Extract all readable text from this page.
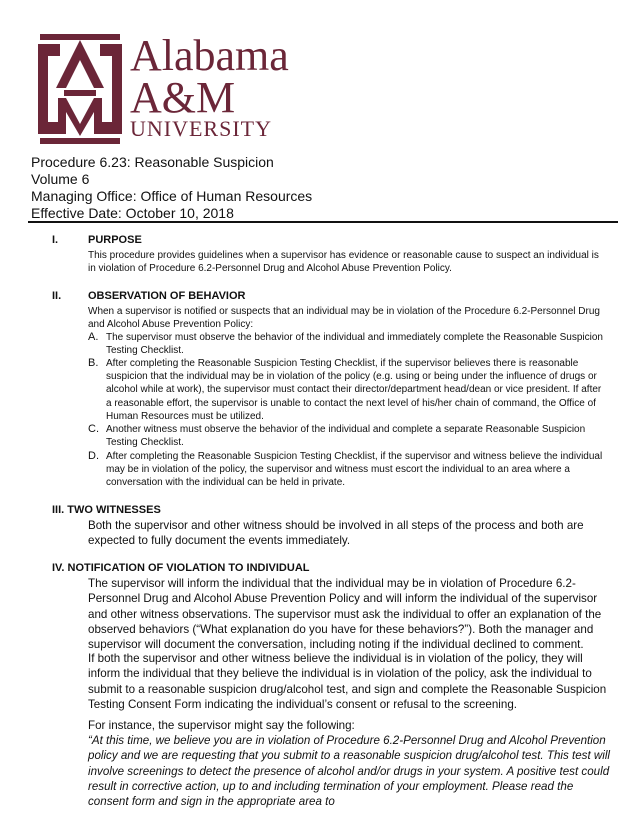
Alabama
A&M
UNIVERSITY
Procedure 6.23: Reasonable Suspicion
Volume 6
Managing Office: Office of Human Resources
Effective Date: October 10, 2018
I.	PURPOSE
This procedure provides guidelines when a supervisor has evidence or reasonable cause to suspect an individual is in violation of Procedure 6.2-Personnel Drug and Alcohol Abuse Prevention Policy.
II. OBSERVATION OF BEHAVIOR
When a supervisor is notified or suspects that an individual may be in violation of the Procedure 6.2-Personnel Drug and Alcohol Abuse Prevention Policy:
A. The supervisor must observe the behavior of the individual and immediately complete the Reasonable Suspicion Testing Checklist.
B. After completing the Reasonable Suspicion Testing Checklist, if the supervisor believes there is reasonable suspicion that the individual may be in violation of the policy (e.g. using or being under the influence of drugs or alcohol while at work), the supervisor must contact their director/department head/dean or vice president. If after a reasonable effort, the supervisor is unable to contact the next level of his/her chain of command, the Office of Human Resources must be utilized.
C. Another witness must observe the behavior of the individual and complete a separate Reasonable Suspicion Testing Checklist.
D. After completing the Reasonable Suspicion Testing Checklist, if the supervisor and witness believe the individual may be in violation of the policy, the supervisor and witness must escort the individual to an area where a conversation with the individual can be held in private.
III. TWO WITNESSES
Both the supervisor and other witness should be involved in all steps of the process and both are expected to fully document the events immediately.
IV. NOTIFICATION OF VIOLATION TO INDIVIDUAL
The supervisor will inform the individual that the individual may be in violation of Procedure 6.2-Personnel Drug and Alcohol Abuse Prevention Policy and will inform the individual of the supervisor and other witness observations. The supervisor must ask the individual to offer an explanation of the observed behaviors (“What explanation do you have for these behaviors?”). Both the manager and supervisor will document the conversation, including noting if the individual declined to comment.
If both the supervisor and other witness believe the individual is in violation of the policy, they will inform the individual that they believe the individual is in violation of the policy, ask the individual to submit to a reasonable suspicion drug/alcohol test, and sign and complete the Reasonable Suspicion Testing Consent Form indicating the individual’s consent or refusal to the screening.
For instance, the supervisor might say the following:
“At this time, we believe you are in violation of Procedure 6.2-Personnel Drug and Alcohol Prevention policy and we are requesting that you submit to a reasonable suspicion drug/alcohol test. This test will involve screenings to detect the presence of alcohol and/or drugs in your system. A positive test could result in corrective action, up to and including termination of your employment. Please read the consent form and sign in the appropriate area to
